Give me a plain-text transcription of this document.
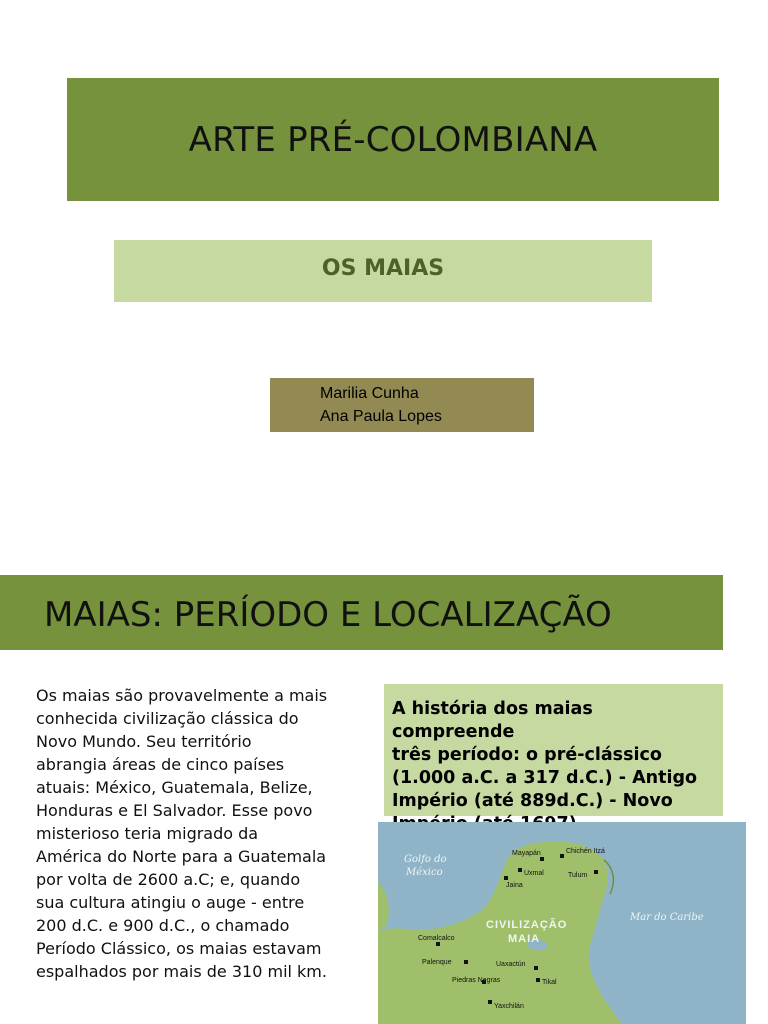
ARTE PRÉ-COLOMBIANA
OS MAIAS
Marilia Cunha
Ana Paula Lopes
MAIAS: PERÍODO E LOCALIZAÇÃO
Os maias são provavelmente a mais
conhecida civilização clássica do
Novo Mundo. Seu território
abrangia áreas de cinco países
atuais: México, Guatemala, Belize,
Honduras e El Salvador. Esse povo
misterioso teria migrado da
América do Norte para a Guatemala
por volta de 2600 a.C; e, quando
sua cultura atingiu o auge - entre
200 d.C. e 900 d.C., o chamado
Período Clássico, os maias estavam
espalhados por mais de 310 mil km.
A história dos maias compreende
três período: o pré-clássico
(1.000 a.C. a 317 d.C.) - Antigo
Império (até 889d.C.) - Novo
Golfo do
México
Mar do Caribe
CIVILIZAÇÃO
MAIA
Mayapán	Chichén Itzá
Uxmal	Tulum
Jaina
Comalcalco
Palenque	Uaxactún
Piedras Negras	Tikal
Yaxchilán
